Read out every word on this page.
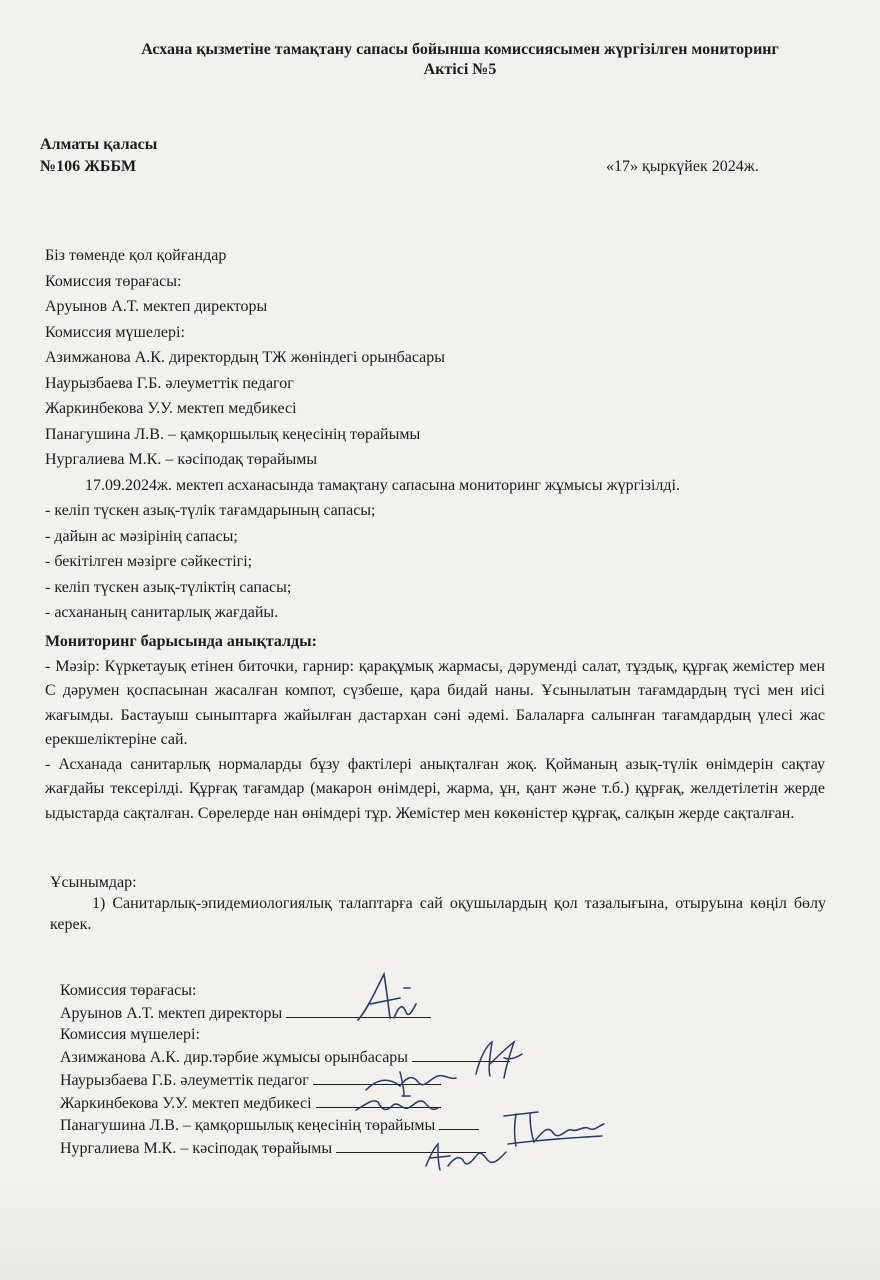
Асхана қызметіне тамақтану сапасы бойынша комиссиясымен жүргізілген мониторинг
Актісі №5
Алматы қаласы
№106 ЖББМ	«17» қыркүйек 2024ж.
Біз төменде қол қойғандар
Комиссия төрағасы:
Аруынов А.Т. мектеп директоры
Комиссия мүшелері:
Азимжанова А.К. директордың ТЖ жөніндегі орынбасары
Наурызбаева Г.Б. әлеуметтік педагог
Жаркинбекова У.У. мектеп медбикесі
Панагушина Л.В. – қамқоршылық кеңесінің төрайымы
Нургалиева М.К. – кәсіподақ төрайымы
17.09.2024ж. мектеп асханасында тамақтану сапасына мониторинг жұмысы жүргізілді.
- келіп түскен азық-түлік тағамдарының сапасы;
- дайын ас мәзірінің сапасы;
- бекітілген мәзірге сәйкестігі;
- келіп түскен азық-түліктің сапасы;
- асхананың санитарлық жағдайы.
Мониторинг барысында анықталды:
- Мәзір: Күркетауық етінен биточки, гарнир: қарақұмық жармасы, дәруменді салат, тұздық, құрғақ жемістер мен С дәрумен қоспасынан жасалған компот, сүзбеше, қара бидай наны. Ұсынылатын тағамдардың түсі мен иісі жағымды. Бастауыш сыныптарға жайылған дастархан сәні әдемі. Балаларға салынған тағамдардың үлесі жас ерекшеліктеріне сай.
- Асханада санитарлық нормаларды бұзу фактілері анықталған жоқ. Қойманың азық-түлік өнімдерін сақтау жағдайы тексерілді. Құрғақ тағамдар (макарон өнімдері, жарма, ұн, қант және т.б.) құрғақ, желдетілетін жерде ыдыстарда сақталған. Сөрелерде нан өнімдері тұр. Жемістер мен көкөністер құрғақ, салқын жерде сақталған.
Ұсынымдар:
1) Санитарлық-эпидемиологиялық талаптарға сай оқушылардың қол тазалығына, отыруына көңіл бөлу керек.
Комиссия төрағасы:
Аруынов А.Т. мектеп директоры
Комиссия мүшелері:
Азимжанова А.К. дир.тәрбие жұмысы орынбасары
Наурызбаева Г.Б. әлеуметтік педагог
Жаркинбекова У.У. мектеп медбикесі
Панагушина Л.В. – қамқоршылық кеңесінің төрайымы
Нургалиева М.К. – кәсіподақ төрайымы
